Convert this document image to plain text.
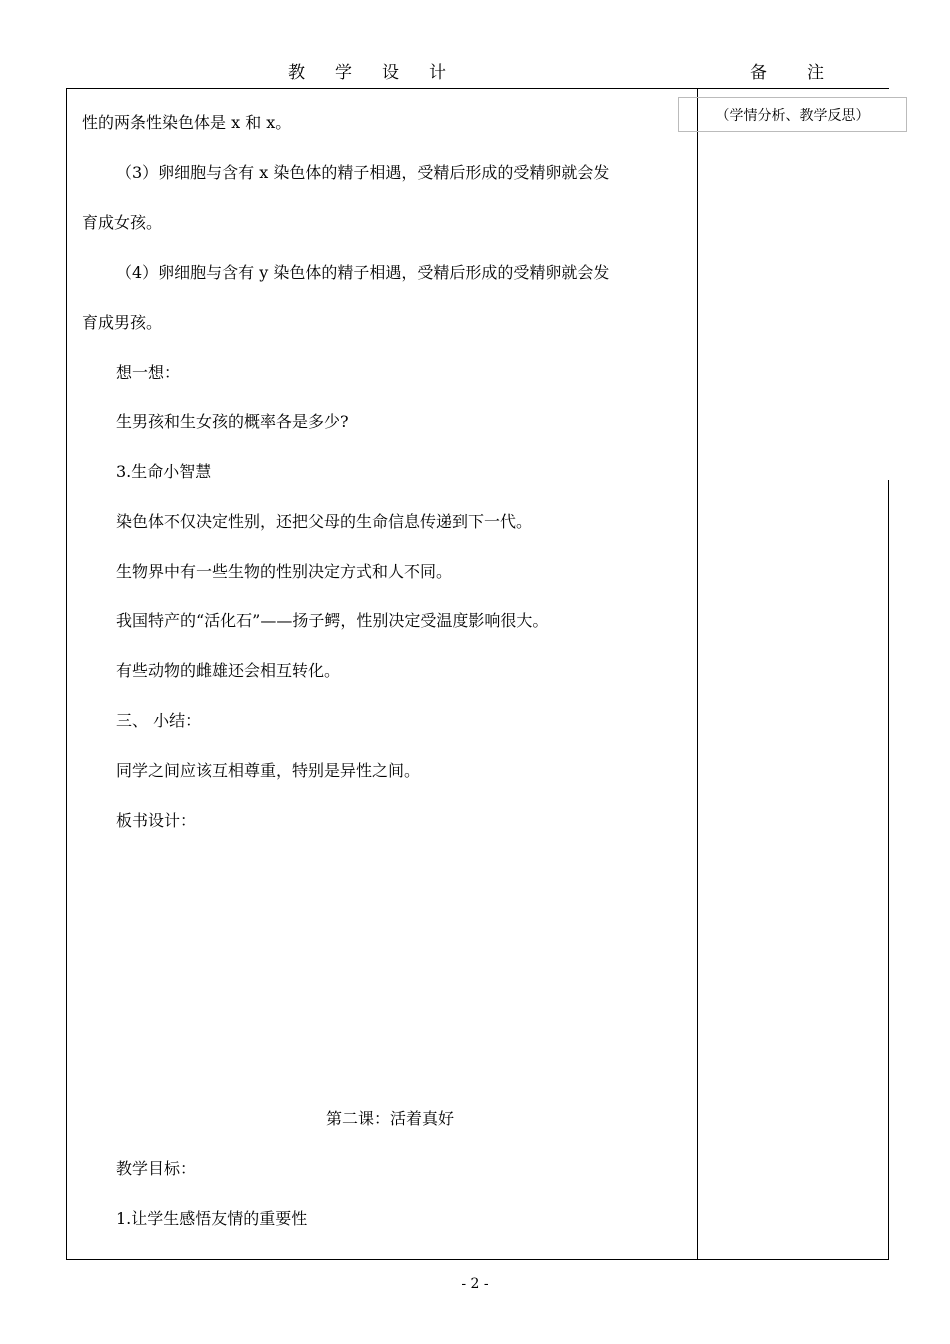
教学设计	备注
（学情分析、教学反思）
性的两条性染色体是 x 和 x。
（3）卵细胞与含有 x 染色体的精子相遇，受精后形成的受精卵就会发
育成女孩。
（4）卵细胞与含有 y 染色体的精子相遇，受精后形成的受精卵就会发
育成男孩。
想一想：
生男孩和生女孩的概率各是多少?
3.生命小智慧
染色体不仅决定性别，还把父母的生命信息传递到下一代。
生物界中有一些生物的性别决定方式和人不同。
我国特产的“活化石”——扬子鳄，性别决定受温度影响很大。
有些动物的雌雄还会相互转化。
三、 小结：
同学之间应该互相尊重，特别是异性之间。
板书设计：
第二课：活着真好
教学目标：
1.让学生感悟友情的重要性
- 2 -
